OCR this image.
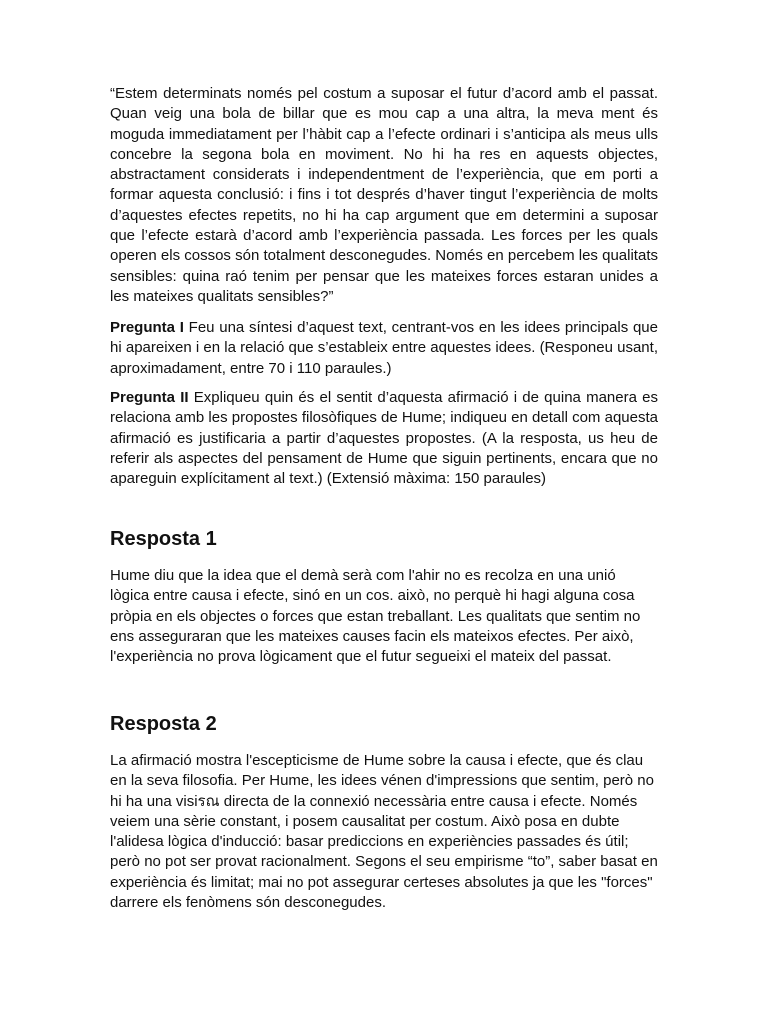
“Estem determinats només pel costum a suposar el futur d’acord amb el passat. Quan veig una bola de billar que es mou cap a una altra, la meva ment és moguda immediatament per l’hàbit cap a l’efecte ordinari i s’anticipa als meus ulls concebre la segona bola en moviment. No hi ha res en aquests objectes, abstractament considerats i independentment de l’experiència, que em porti a formar aquesta conclusió: i fins i tot després d’haver tingut l’experiència de molts d’aquestes efectes repetits, no hi ha cap argument que em determini a suposar que l’efecte estarà d’acord amb l’experiència passada. Les forces per les quals operen els cossos són totalment desconegudes. Només en percebem les qualitats sensibles: quina raó tenim per pensar que les mateixes forces estaran unides a les mateixes qualitats sensibles?”

Pregunta I Feu una síntesi d’aquest text, centrant-vos en les idees principals que hi apareixen i en la relació que s’estableix entre aquestes idees. (Responeu usant, aproximadament, entre 70 i 110 paraules.)

Pregunta II Expliqueu quin és el sentit d’aquesta afirmació i de quina manera es relaciona amb les propostes filosòfiques de Hume; indiqueu en detall com aquesta afirmació es justificaria a partir d’aquestes propostes. (A la resposta, us heu de referir als aspectes del pensament de Hume que siguin pertinents, encara que no apareguin explícitament al text.) (Extensió màxima: 150 paraules)

Resposta 1

Hume diu que la idea que el demà serà com l'ahir no es recolza en una unió lògica entre causa i efecte, sinó en un cos. això, no perquè hi hagi alguna cosa pròpia en els objectes o forces que estan treballant. Les qualitats que sentim no ens asseguraran que les mateixes causes facin els mateixos efectes. Per això, l'experiència no prova lògicament que el futur segueixi el mateix del passat.

Resposta 2

La afirmació mostra l'escepticisme de Hume sobre la causa i efecte, que és clau en la seva filosofia. Per Hume, les idees vénen d'impressions que sentim, però no hi ha una visiรณ directa de la connexió necessària entre causa i efecte. Només veiem una sèrie constant, i posem causalitat per costum. Això posa en dubte l'alidesa lògica d'inducció: basar prediccions en experiències passades és útil; però no pot ser provat racionalment. Segons el seu empirisme “to”, saber basat en experiència és limitat; mai no pot assegurar certeses absolutes ja que les "forces" darrere els fenòmens són desconegudes.
